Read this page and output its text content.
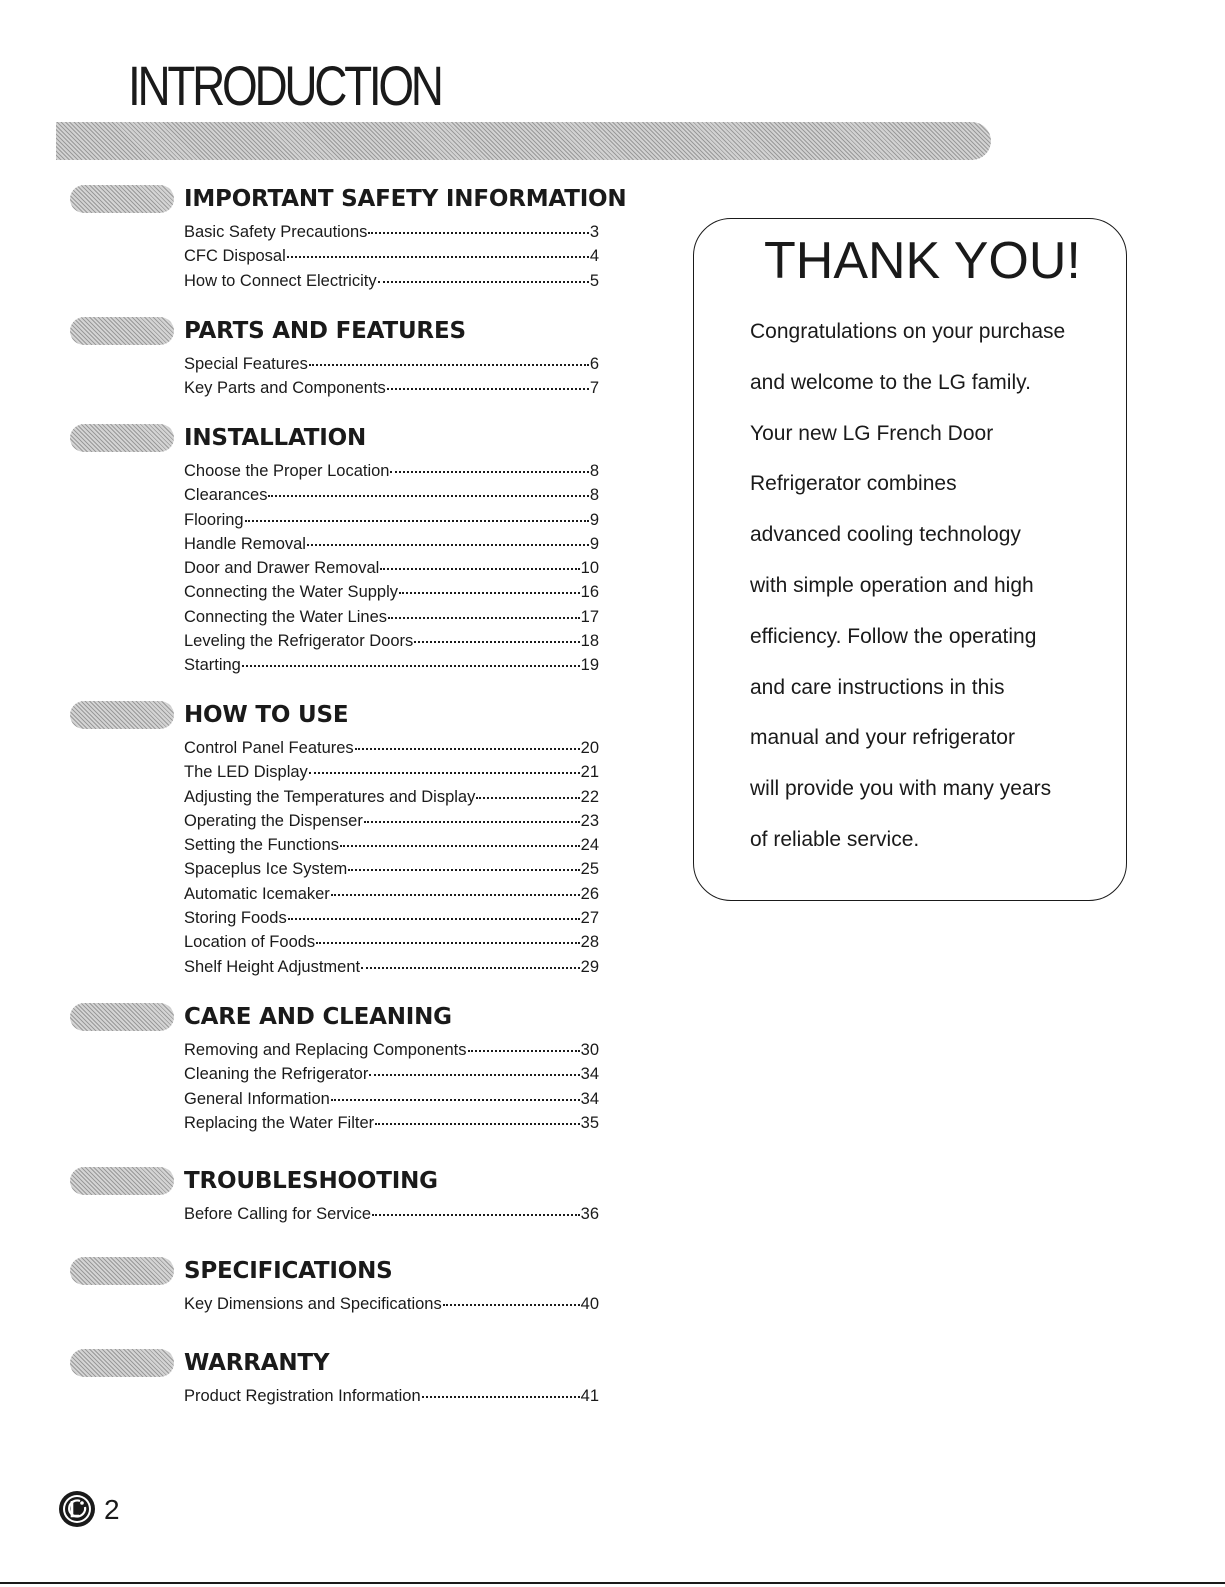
INTRODUCTION
IMPORTANT SAFETY INFORMATION
Basic Safety Precautions	3
CFC Disposal	4
How to Connect Electricity	5
PARTS AND FEATURES
Special Features	6
Key Parts and Components	7
INSTALLATION
Choose the Proper Location	8
Clearances	8
Flooring	9
Handle Removal	9
Door and Drawer Removal	10
Connecting the Water Supply	16
Connecting the Water Lines	17
Leveling the Refrigerator Doors	18
Starting	19
HOW TO USE
Control Panel Features	20
The LED Display	21
Adjusting the Temperatures and Display	22
Operating the Dispenser	23
Setting the Functions	24
Spaceplus Ice System	25
Automatic Icemaker	26
Storing Foods	27
Location of Foods	28
Shelf Height Adjustment	29
CARE AND CLEANING
Removing and Replacing Components	30
Cleaning the Refrigerator	34
General Information	34
Replacing the Water Filter	35
TROUBLESHOOTING
Before Calling for Service	36
SPECIFICATIONS
Key Dimensions and Specifications	40
WARRANTY
Product Registration Information	41
THANK YOU!
Congratulations on your purchase
and welcome to the LG family.
Your new LG French Door
Refrigerator combines
advanced cooling technology
with simple operation and high
efficiency. Follow the operating
and care instructions in this
manual and your refrigerator
will provide you with many years
of reliable service.
2
